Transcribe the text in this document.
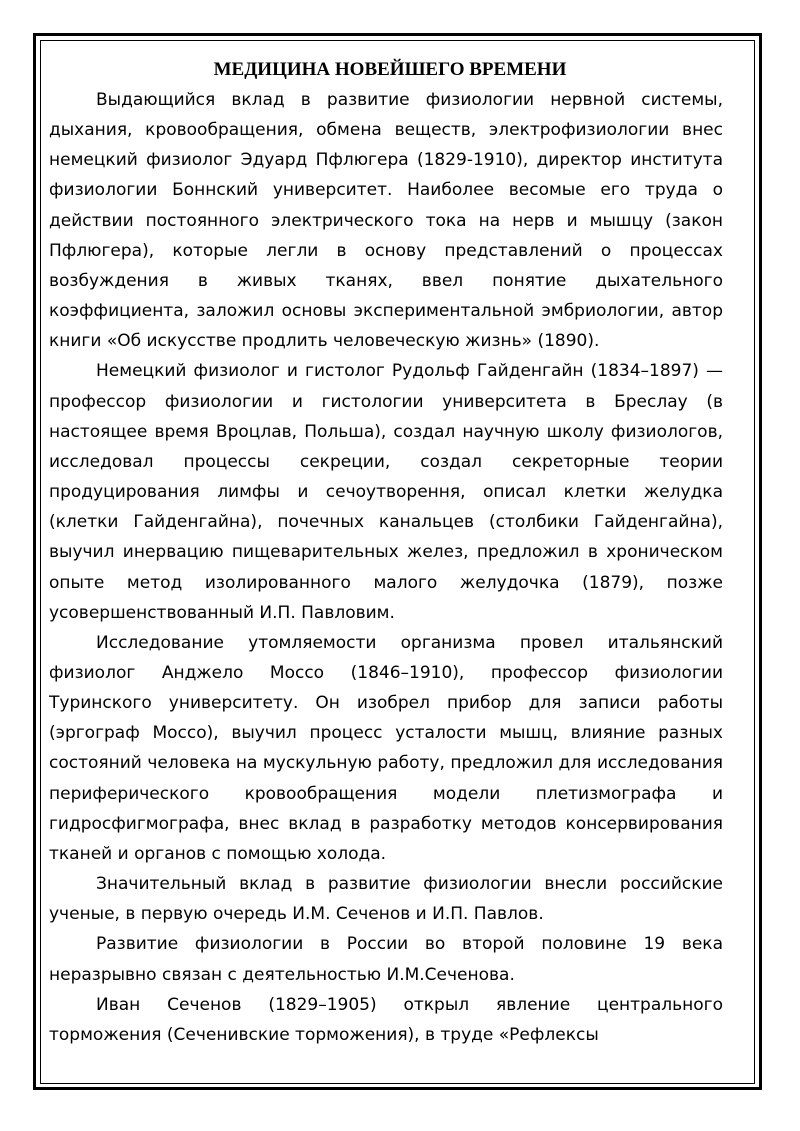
МЕДИЦИНА НОВЕЙШЕГО ВРЕМЕНИ

Выдающийся вклад в развитие физиологии нервной системы, дыхания, кровообращения, обмена веществ, электрофизиологии внес немецкий физиолог Эдуард Пфлюгера (1829-1910), директор института физиологии Боннский университет. Наиболее весомые его труда о действии постоянного электрического тока на нерв и мышцу (закон Пфлюгера), которые легли в основу представлений о процессах возбуждения в живых тканях, ввел понятие дыхательного коэффициента, заложил основы экспериментальной эмбриологии, автор книги «Об искусстве продлить человеческую жизнь» (1890).

Немецкий физиолог и гистолог Рудольф Гайденгайн (1834–1897) — профессор физиологии и гистологии университета в Бреслау (в настоящее время Вроцлав, Польша), создал научную школу физиологов, исследовал процессы секреции, создал секреторные теории продуцирования лимфы и сечоутворення, описал клетки желудка (клетки Гайденгайна), почечных канальцев (столбики Гайденгайна), выучил инервацию пищеварительных желез, предложил в хроническом опыте метод изолированного малого желудочка (1879), позже усовершенствованный И.П. Павловим.

Исследование утомляемости организма провел итальянский физиолог Анджело Моссо (1846–1910), профессор физиологии Туринского университету. Он изобрел прибор для записи работы (эргограф Моссо), выучил процесс усталости мышц, влияние разных состояний человека на мускульную работу, предложил для исследования периферического кровообращения модели плетизмографа и гидросфигмографа, внес вклад в разработку методов консервирования тканей и органов с помощью холода.

Значительный вклад в развитие физиологии внесли российские ученые, в первую очередь И.М. Сеченов и И.П. Павлов.

Развитие физиологии в России во второй половине 19 века неразрывно связан с деятельностью И.М.Сеченова.

Иван Сеченов (1829–1905) открыл явление центрального торможения (Сеченивские торможения), в труде «Рефлексы
